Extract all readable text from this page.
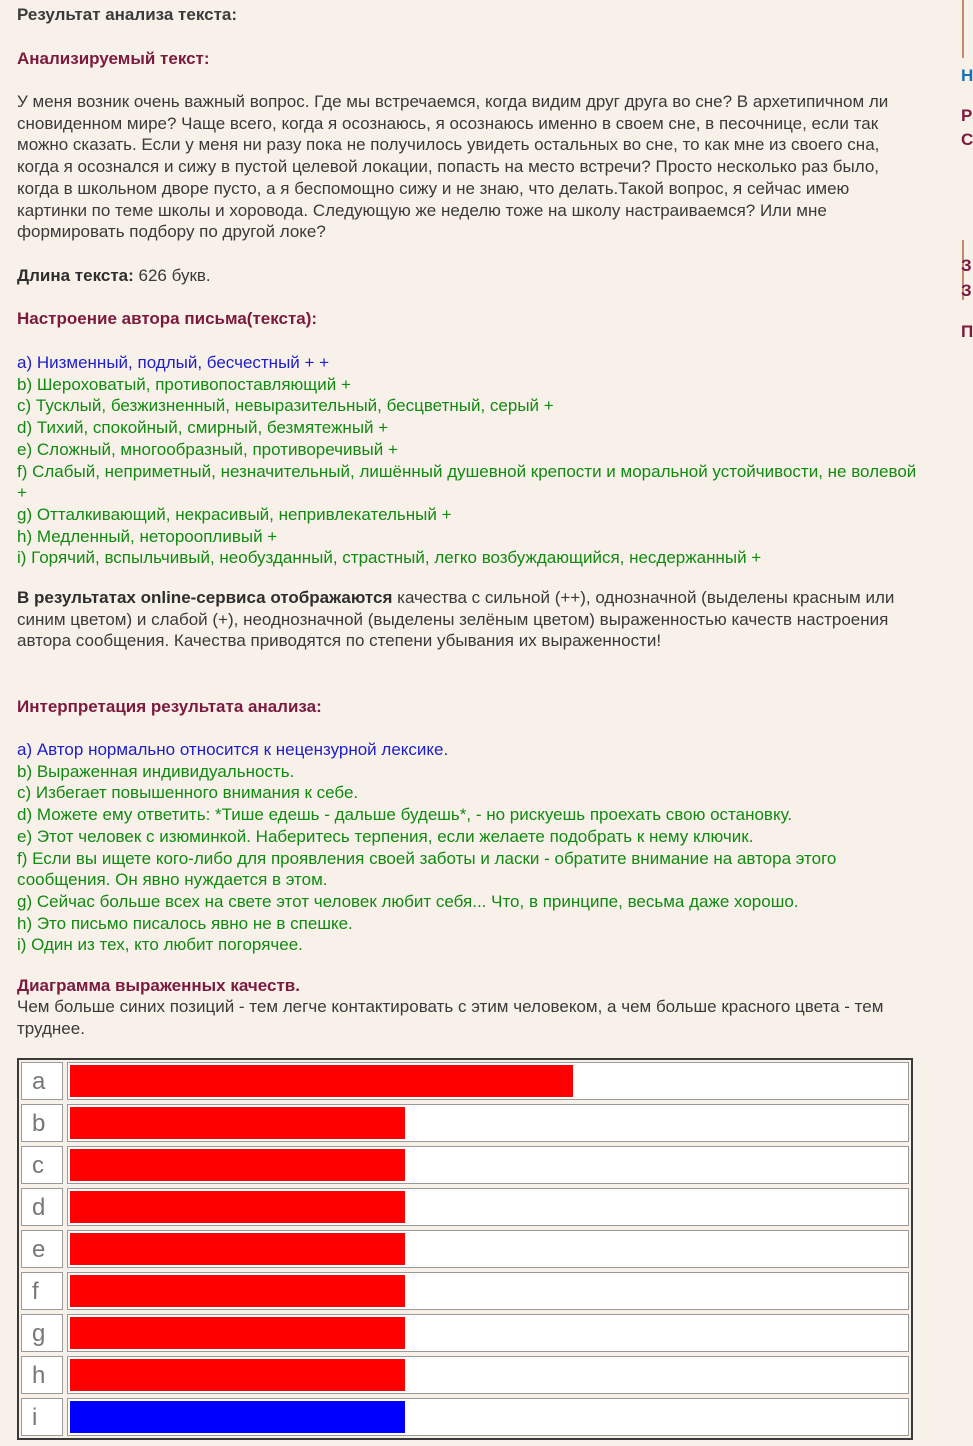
Результат анализа текста:

Анализируемый текст:

У меня возник очень важный вопрос. Где мы встречаемся, когда видим друг друга во сне? В архетипичном ли сновиденном мире? Чаще всего, когда я осознаюсь, я осознаюсь именно в своем сне, в песочнице, если так можно сказать. Если у меня ни разу пока не получилось увидеть остальных во сне, то как мне из своего сна, когда я осознался и сижу в пустой целевой локации, попасть на место встречи? Просто несколько раз было, когда в школьном дворе пусто, а я беспомощно сижу и не знаю, что делать.Такой вопрос, я сейчас имею картинки по теме школы и хоровода. Следующую же неделю тоже на школу настраиваемся? Или мне формировать подбору по другой локе?

Длина текста: 626 букв.

Настроение автора письма(текста):

a) Низменный, подлый, бесчестный + +
b) Шероховатый, противопоставляющий +
c) Тусклый, безжизненный, невыразительный, бесцветный, серый +
d) Тихий, спокойный, смирный, безмятежный +
e) Сложный, многообразный, противоречивый +
f) Слабый, неприметный, незначительный, лишённый душевной крепости и моральной устойчивости, не волевой +
g) Отталкивающий, некрасивый, непривлекательный +
h) Медленный, нетороопливый +
i) Горячий, вспыльчивый, необузданный, страстный, легко возбуждающийся, несдержанный +

В результатах online-сервиса отображаются качества с сильной (++), однозначной (выделены красным или синим цветом) и слабой (+), неоднозначной (выделены зелёным цветом) выраженностью качеств настроения автора сообщения. Качества приводятся по степени убывания их выраженности!

Интерпретация результата анализа:

a) Автор нормально относится к нецензурной лексике.
b) Выраженная индивидуальность.
c) Избегает повышенного внимания к себе.
d) Можете ему ответить: *Тише едешь - дальше будешь*, - но рискуешь проехать свою остановку.
e) Этот человек с изюминкой. Наберитесь терпения, если желаете подобрать к нему ключик.
f) Если вы ищете кого-либо для проявления своей заботы и ласки - обратите внимание на автора этого сообщения. Он явно нуждается в этом.
g) Сейчас больше всех на свете этот человек любит себя... Что, в принципе, весьма даже хорошо.
h) Это письмо писалось явно не в спешке.
i) Один из тех, кто любит погорячее.

Диаграмма выраженных качеств.

Чем больше синих позиций - тем легче контактировать с этим человеком, а чем больше красного цвета - тем труднее.

a
b
c
d
e
f
g
h
i
Н
Р
С
З
З
П
